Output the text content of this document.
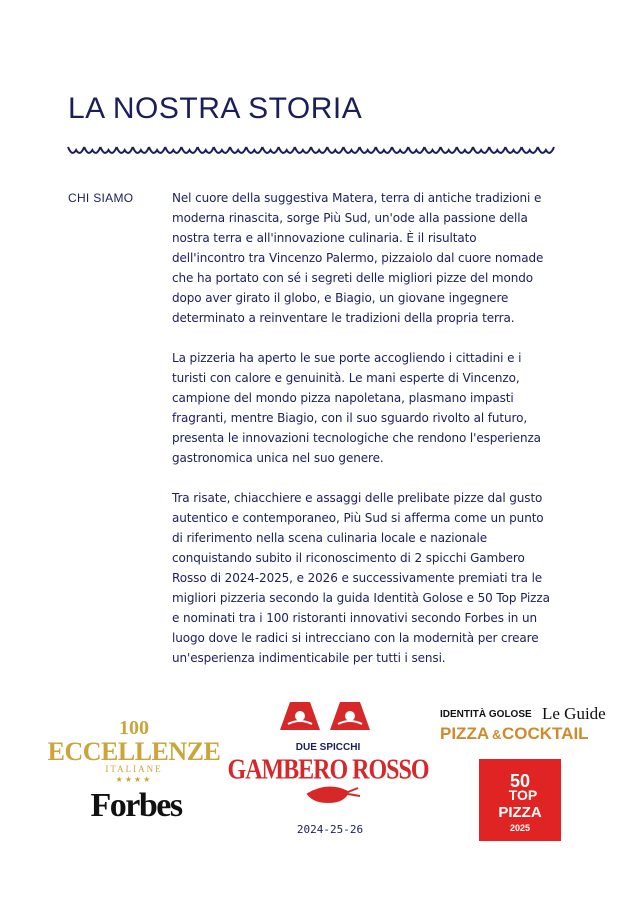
LA NOSTRA STORIA
CHI SIAMO	Nel cuore della suggestiva Matera, terra di antiche tradizioni e moderna rinascita, sorge Più Sud, un'ode alla passione della nostra terra e all'innovazione culinaria. È il risultato dell'incontro tra Vincenzo Palermo, pizzaiolo dal cuore nomade che ha portato con sé i segreti delle migliori pizze del mondo dopo aver girato il globo, e Biagio, un giovane ingegnere determinato a reinventare le tradizioni della propria terra.

La pizzeria ha aperto le sue porte accogliendo i cittadini e i turisti con calore e genuinità. Le mani esperte di Vincenzo, campione del mondo pizza napoletana, plasmano impasti fragranti, mentre Biagio, con il suo sguardo rivolto al futuro, presenta le innovazioni tecnologiche che rendono l'esperienza gastronomica unica nel suo genere.

Tra risate, chiacchiere e assaggi delle prelibate pizze dal gusto autentico e contemporaneo, Più Sud si afferma come un punto di riferimento nella scena culinaria locale e nazionale conquistando subito il riconoscimento di 2 spicchi Gambero Rosso di 2024-2025, e 2026 e successivamente premiati tra le migliori pizzeria secondo la guida Identità Golose e 50 Top Pizza e nominati tra i 100 ristoranti innovativi secondo Forbes in un luogo dove le radici si intrecciano con la modernità per creare un'esperienza indimenticabile per tutti i sensi.

100
ECCELLENZE
ITALIANE
★★★★
Forbes
DUE SPICCHI
GAMBERO ROSSO
2024-25-26
IDENTITÀ GOLOSE Le Guide
PIZZA & COCKTAIL
50
TOP
PIZZA
2025
